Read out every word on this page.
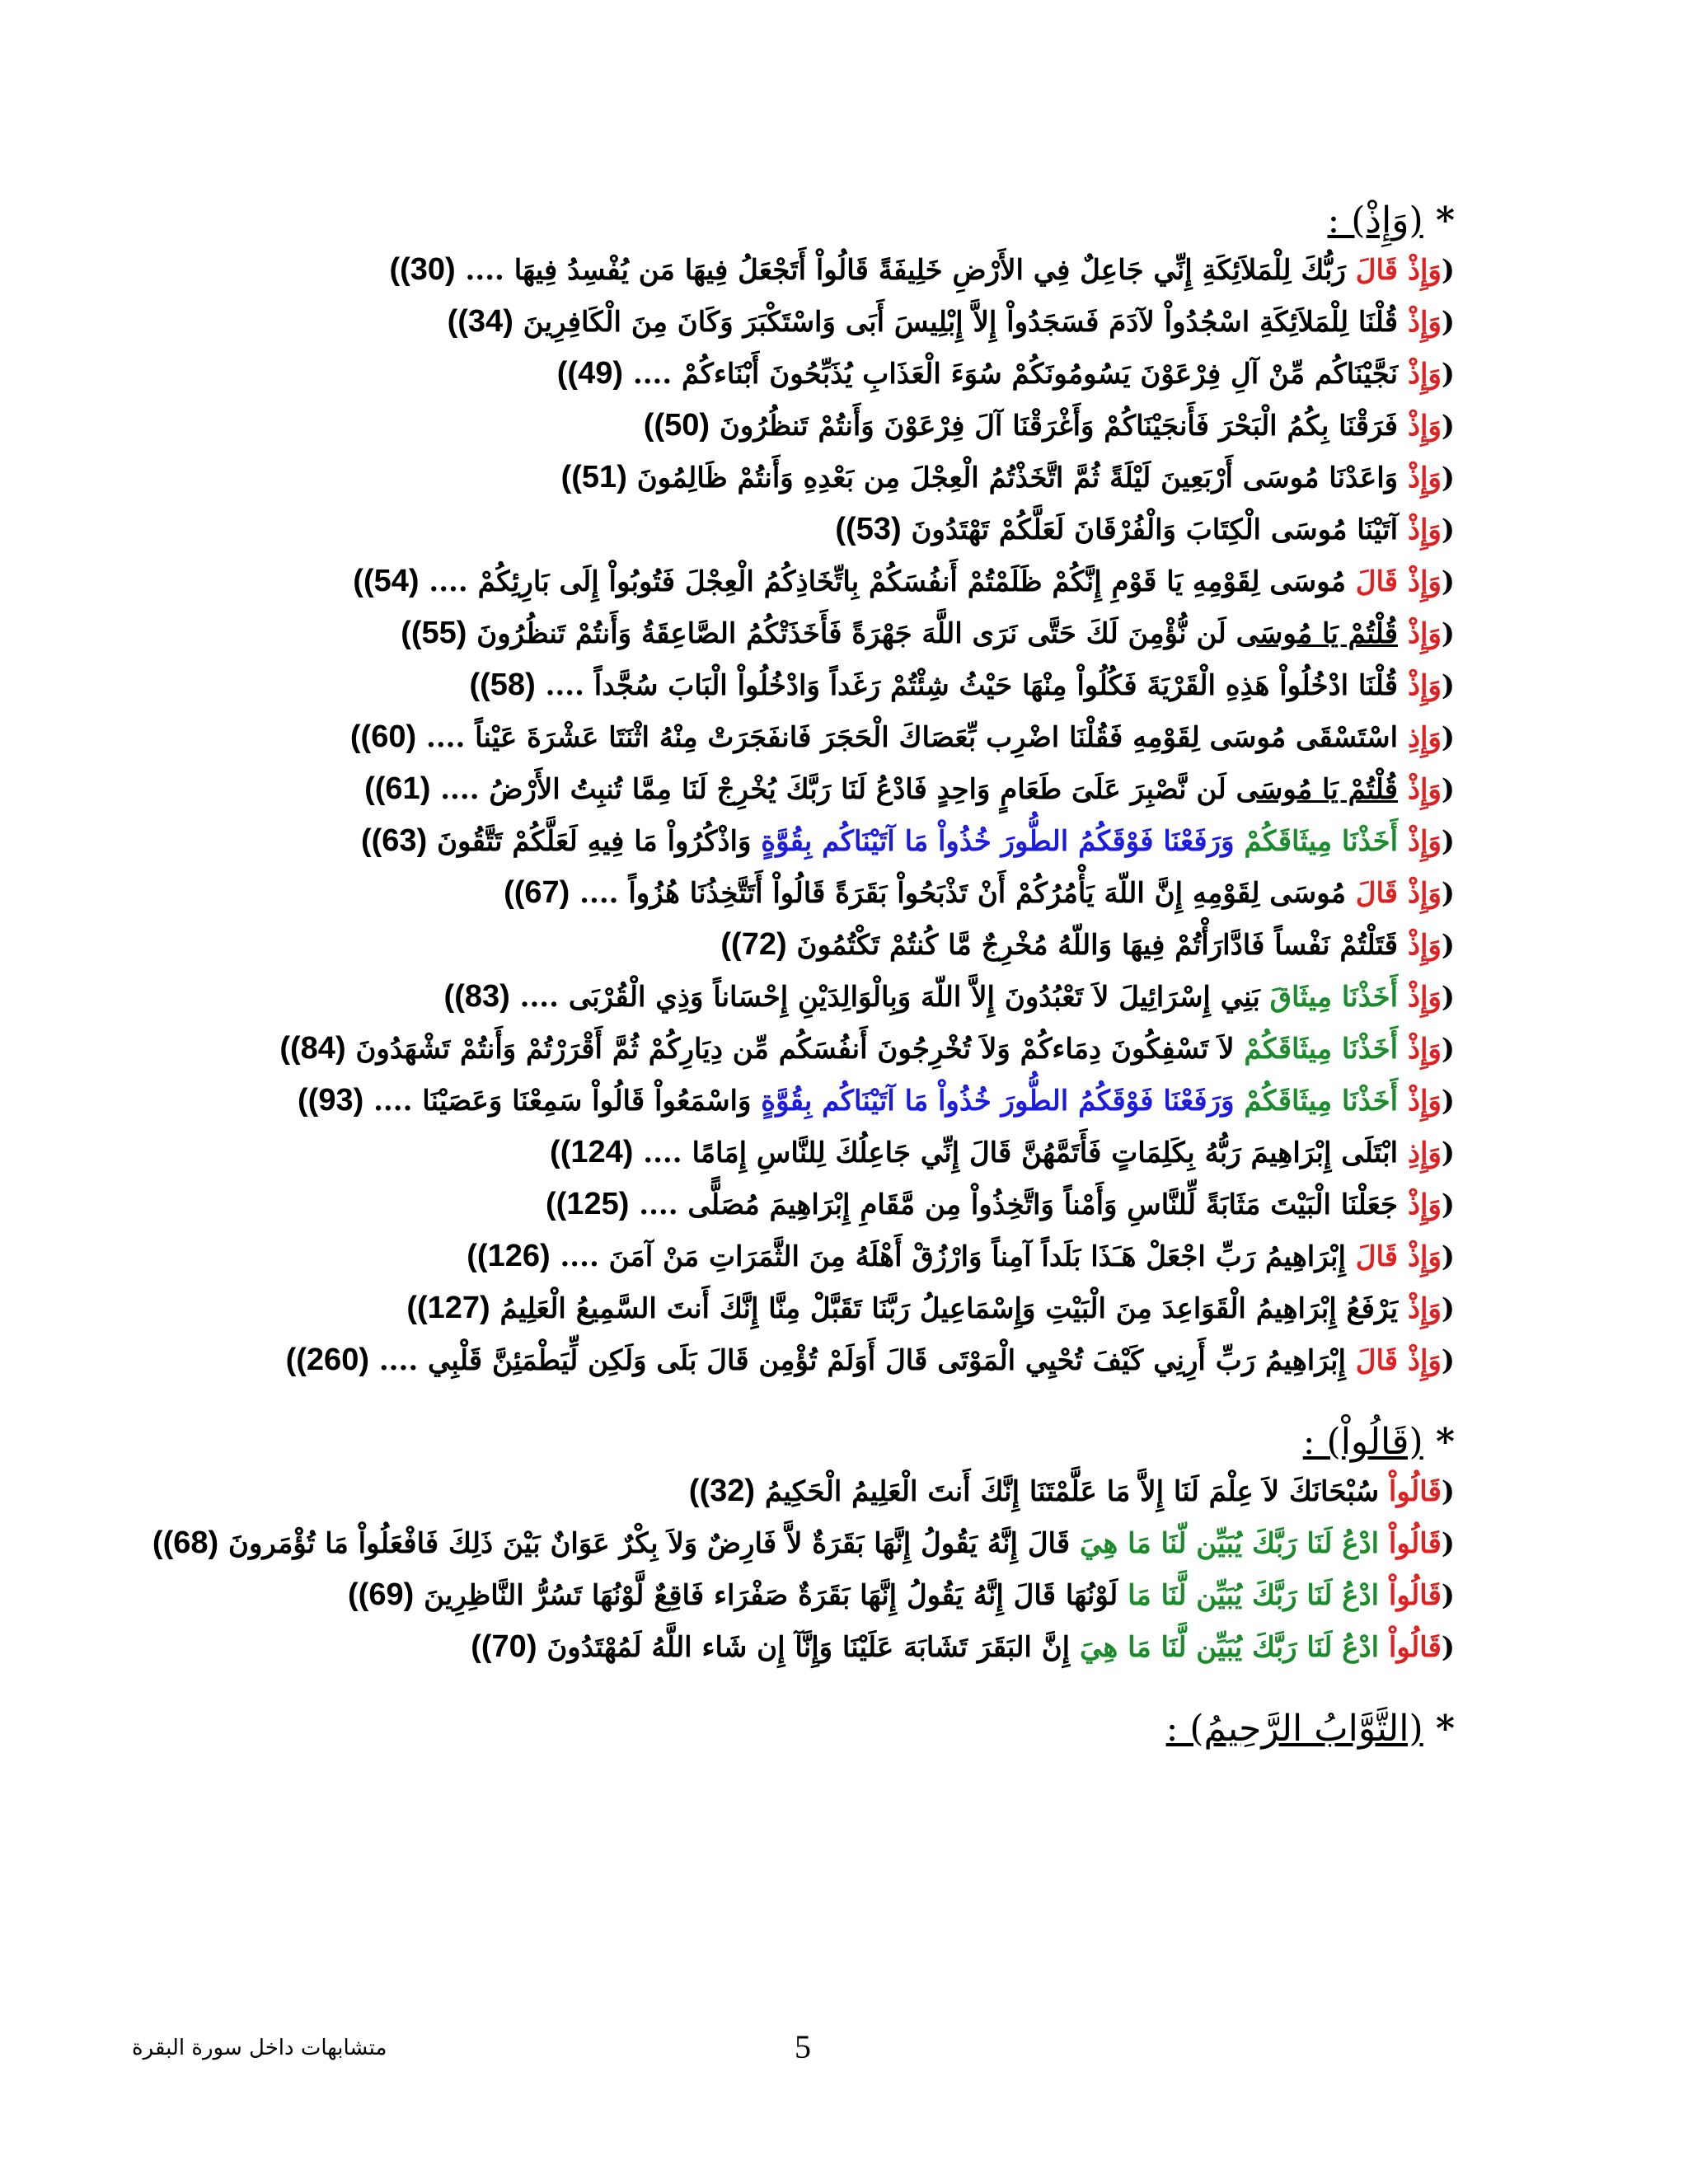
* (وَإِذْ) :
(وَإِذْ قَالَ رَبُّكَ لِلْمَلاَئِكَةِ إِنِّي جَاعِلٌ فِي الأَرْضِ خَلِيفَةً قَالُواْ أَتَجْعَلُ فِيهَا مَن يُفْسِدُ فِيهَا .... (30))
(وَإِذْ قُلْنَا لِلْمَلاَئِكَةِ اسْجُدُواْ لآدَمَ فَسَجَدُواْ إِلاَّ إِبْلِيسَ أَبَى وَاسْتَكْبَرَ وَكَانَ مِنَ الْكَافِرِينَ (34))
(وَإِذْ نَجَّيْنَاكُم مِّنْ آلِ فِرْعَوْنَ يَسُومُونَكُمْ سُوَءَ الْعَذَابِ يُذَبِّحُونَ أَبْنَاءكُمْ .... (49))
(وَإِذْ فَرَقْنَا بِكُمُ الْبَحْرَ فَأَنجَيْنَاكُمْ وَأَغْرَقْنَا آلَ فِرْعَوْنَ وَأَنتُمْ تَنظُرُونَ (50))
(وَإِذْ وَاعَدْنَا مُوسَى أَرْبَعِينَ لَيْلَةً ثُمَّ اتَّخَذْتُمُ الْعِجْلَ مِن بَعْدِهِ وَأَنتُمْ ظَالِمُونَ (51))
(وَإِذْ آتَيْنَا مُوسَى الْكِتَابَ وَالْفُرْقَانَ لَعَلَّكُمْ تَهْتَدُونَ (53))
(وَإِذْ قَالَ مُوسَى لِقَوْمِهِ يَا قَوْمِ إِنَّكُمْ ظَلَمْتُمْ أَنفُسَكُمْ بِاتِّخَاذِكُمُ الْعِجْلَ فَتُوبُواْ إِلَى بَارِئِكُمْ .... (54))
(وَإِذْ قُلْتُمْ يَا مُوسَى لَن نُّؤْمِنَ لَكَ حَتَّى نَرَى اللَّهَ جَهْرَةً فَأَخَذَتْكُمُ الصَّاعِقَةُ وَأَنتُمْ تَنظُرُونَ (55))
(وَإِذْ قُلْنَا ادْخُلُواْ هَذِهِ الْقَرْيَةَ فَكُلُواْ مِنْهَا حَيْثُ شِئْتُمْ رَغَداً وَادْخُلُواْ الْبَابَ سُجَّداً .... (58))
(وَإِذِ اسْتَسْقَى مُوسَى لِقَوْمِهِ فَقُلْنَا اضْرِب بِّعَصَاكَ الْحَجَرَ فَانفَجَرَتْ مِنْهُ اثْنَتَا عَشْرَةَ عَيْناً .... (60))
(وَإِذْ قُلْتُمْ يَا مُوسَى لَن نَّصْبِرَ عَلَىَ طَعَامٍ وَاحِدٍ فَادْعُ لَنَا رَبَّكَ يُخْرِجْ لَنَا مِمَّا تُنبِتُ الأَرْضُ .... (61))
(وَإِذْ أَخَذْنَا مِيثَاقَكُمْ وَرَفَعْنَا فَوْقَكُمُ الطُّورَ خُذُواْ مَا آتَيْنَاكُم بِقُوَّةٍ وَاذْكُرُواْ مَا فِيهِ لَعَلَّكُمْ تَتَّقُونَ (63))
(وَإِذْ قَالَ مُوسَى لِقَوْمِهِ إِنَّ اللّهَ يَأْمُرُكُمْ أَنْ تَذْبَحُواْ بَقَرَةً قَالُواْ أَتَتَّخِذُنَا هُزُواً .... (67))
(وَإِذْ قَتَلْتُمْ نَفْساً فَادَّارَأْتُمْ فِيهَا وَاللّهُ مُخْرِجٌ مَّا كُنتُمْ تَكْتُمُونَ (72))
(وَإِذْ أَخَذْنَا مِيثَاقَ بَنِي إِسْرَائِيلَ لاَ تَعْبُدُونَ إِلاَّ اللّهَ وَبِالْوَالِدَيْنِ إِحْسَاناً وَذِي الْقُرْبَى .... (83))
(وَإِذْ أَخَذْنَا مِيثَاقَكُمْ لاَ تَسْفِكُونَ دِمَاءكُمْ وَلاَ تُخْرِجُونَ أَنفُسَكُم مِّن دِيَارِكُمْ ثُمَّ أَقْرَرْتُمْ وَأَنتُمْ تَشْهَدُونَ (84))
(وَإِذْ أَخَذْنَا مِيثَاقَكُمْ وَرَفَعْنَا فَوْقَكُمُ الطُّورَ خُذُواْ مَا آتَيْنَاكُم بِقُوَّةٍ وَاسْمَعُواْ قَالُواْ سَمِعْنَا وَعَصَيْنَا .... (93))
(وَإِذِ ابْتَلَى إِبْرَاهِيمَ رَبُّهُ بِكَلِمَاتٍ فَأَتَمَّهُنَّ قَالَ إِنِّي جَاعِلُكَ لِلنَّاسِ إِمَامًا .... (124))
(وَإِذْ جَعَلْنَا الْبَيْتَ مَثَابَةً لِّلنَّاسِ وَأَمْناً وَاتَّخِذُواْ مِن مَّقَامِ إِبْرَاهِيمَ مُصَلًّى .... (125))
(وَإِذْ قَالَ إِبْرَاهِيمُ رَبِّ اجْعَلْ هَـَذَا بَلَداً آمِناً وَارْزُقْ أَهْلَهُ مِنَ الثَّمَرَاتِ مَنْ آمَنَ .... (126))
(وَإِذْ يَرْفَعُ إِبْرَاهِيمُ الْقَوَاعِدَ مِنَ الْبَيْتِ وَإِسْمَاعِيلُ رَبَّنَا تَقَبَّلْ مِنَّا إِنَّكَ أَنتَ السَّمِيعُ الْعَلِيمُ (127))
(وَإِذْ قَالَ إِبْرَاهِيمُ رَبِّ أَرِنِي كَيْفَ تُحْيِي الْمَوْتَى قَالَ أَوَلَمْ تُؤْمِن قَالَ بَلَى وَلَكِن لِّيَطْمَئِنَّ قَلْبِي .... (260))
* (قَالُواْ) :
(قَالُواْ سُبْحَانَكَ لاَ عِلْمَ لَنَا إِلاَّ مَا عَلَّمْتَنَا إِنَّكَ أَنتَ الْعَلِيمُ الْحَكِيمُ (32))
(قَالُواْ ادْعُ لَنَا رَبَّكَ يُبَيِّن لّنَا مَا هِيَ قَالَ إِنَّهُ يَقُولُ إِنَّهَا بَقَرَةٌ لاَّ فَارِضٌ وَلاَ بِكْرٌ عَوَانٌ بَيْنَ ذَلِكَ فَافْعَلُواْ مَا تُؤْمَرونَ (68))
(قَالُواْ ادْعُ لَنَا رَبَّكَ يُبَيِّن لَّنَا مَا لَوْنُهَا قَالَ إِنَّهُ يَقُولُ إِنَّهَا بَقَرَةٌ صَفْرَاء فَاقِعٌ لَّوْنُهَا تَسُرُّ النَّاظِرِينَ (69))
(قَالُواْ ادْعُ لَنَا رَبَّكَ يُبَيِّن لَّنَا مَا هِيَ إِنَّ البَقَرَ تَشَابَهَ عَلَيْنَا وَإِنَّآ إِن شَاء اللَّهُ لَمُهْتَدُونَ (70))
* (التَّوَّابُ الرَّحِيمُ) :
5
متشابهات داخل سورة البقرة
